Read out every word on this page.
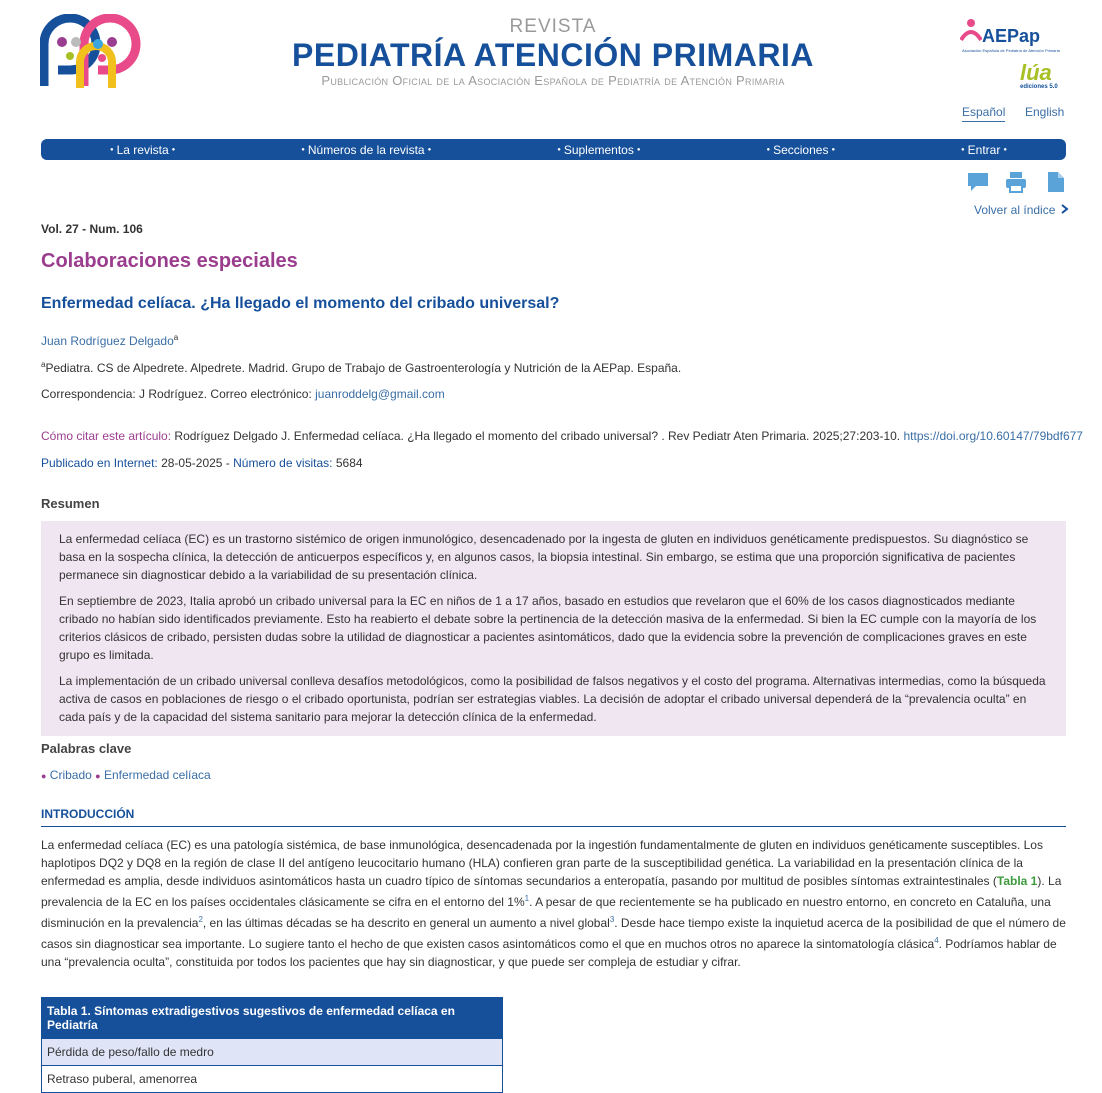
REVISTA
PEDIATRÍA ATENCIÓN PRIMARIA
Publicación Oficial de la Asociación Española de Pediatría de Atención Primaria
AEPap
Asociación Española de Pediatría de Atención Primaria
lúa
ediciones 5.0
Español English
● La revista ●	● Números de la revista ●	● Suplementos ●	● Secciones ●	● Entrar ●
Volver al índice
Vol. 27 - Num. 106
Colaboraciones especiales
Enfermedad celíaca. ¿Ha llegado el momento del cribado universal?
Juan Rodríguez Delgado$^a$
$^a$Pediatra. CS de Alpedrete. Alpedrete. Madrid. Grupo de Trabajo de Gastroenterología y Nutrición de la AEPap. España.
Correspondencia: J Rodríguez. Correo electrónico: juanroddelg@gmail.com
Cómo citar este artículo: Rodríguez Delgado J. Enfermedad celíaca. ¿Ha llegado el momento del cribado universal? . Rev Pediatr Aten Primaria. 2025;27:203-10. https://doi.org/10.60147/79bdf677
Publicado en Internet: 28-05-2025 - Número de visitas: 5684
Resumen

La enfermedad celíaca (EC) es un trastorno sistémico de origen inmunológico, desencadenado por la ingesta de gluten en individuos genéticamente predispuestos. Su diagnóstico se basa en la sospecha clínica, la detección de anticuerpos específicos y, en algunos casos, la biopsia intestinal. Sin embargo, se estima que una proporción significativa de pacientes permanece sin diagnosticar debido a la variabilidad de su presentación clínica.

En septiembre de 2023, Italia aprobó un cribado universal para la EC en niños de 1 a 17 años, basado en estudios que revelaron que el 60% de los casos diagnosticados mediante cribado no habían sido identificados previamente. Esto ha reabierto el debate sobre la pertinencia de la detección masiva de la enfermedad. Si bien la EC cumple con la mayoría de los criterios clásicos de cribado, persisten dudas sobre la utilidad de diagnosticar a pacientes asintomáticos, dado que la evidencia sobre la prevención de complicaciones graves en este grupo es limitada.

La implementación de un cribado universal conlleva desafíos metodológicos, como la posibilidad de falsos negativos y el costo del programa. Alternativas intermedias, como la búsqueda activa de casos en poblaciones de riesgo o el cribado oportunista, podrían ser estrategias viables. La decisión de adoptar el cribado universal dependerá de la “prevalencia oculta” en cada país y de la capacidad del sistema sanitario para mejorar la detección clínica de la enfermedad.

Palabras clave
● Cribado ● Enfermedad celíaca
INTRODUCCIÓN
La enfermedad celíaca (EC) es una patología sistémica, de base inmunológica, desencadenada por la ingestión fundamentalmente de gluten en individuos genéticamente susceptibles. Los haplotipos DQ2 y DQ8 en la región de clase II del antígeno leucocitario humano (HLA) confieren gran parte de la susceptibilidad genética. La variabilidad en la presentación clínica de la enfermedad es amplia, desde individuos asintomáticos hasta un cuadro típico de síntomas secundarios a enteropatía, pasando por multitud de posibles síntomas extraintestinales (Tabla 1). La prevalencia de la EC en los países occidentales clásicamente se cifra en el entorno del 1%$^1$. A pesar de que recientemente se ha publicado en nuestro entorno, en concreto en Cataluña, una disminución en la prevalencia$^2$, en las últimas décadas se ha descrito en general un aumento a nivel global$^3$. Desde hace tiempo existe la inquietud acerca de la posibilidad de que el número de casos sin diagnosticar sea importante. Lo sugiere tanto el hecho de que existen casos asintomáticos como el que en muchos otros no aparece la sintomatología clásica$^4$. Podríamos hablar de una “prevalencia oculta”, constituida por todos los pacientes que hay sin diagnosticar, y que puede ser compleja de estudiar y cifrar.
Tabla 1. Síntomas extradigestivos sugestivos de enfermedad celíaca en Pediatría
Pérdida de peso/fallo de medro
Retraso puberal, amenorrea
